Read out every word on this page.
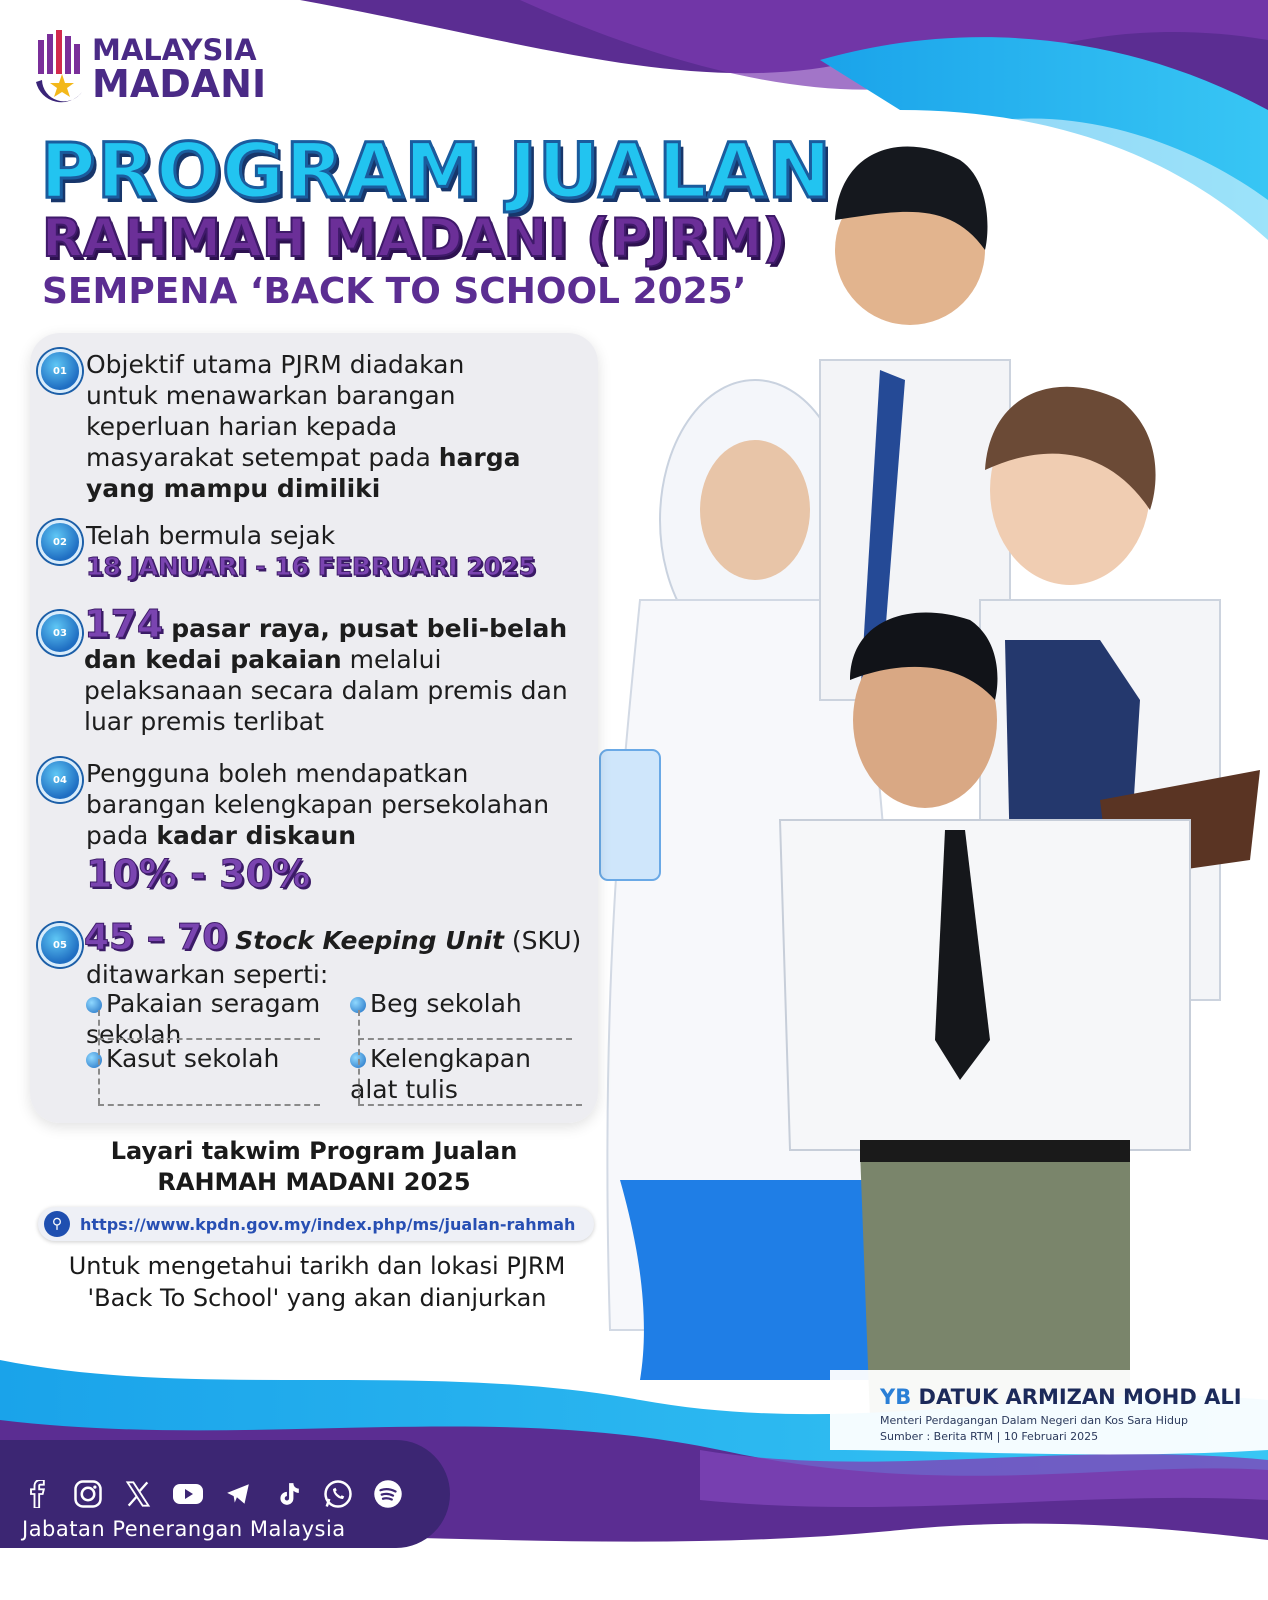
MALAYSIA
MADANI
PROGRAM JUALAN
RAHMAH MADANI (PJRM)
SEMPENA ‘BACK TO SCHOOL 2025’
01 Objektif utama PJRM diadakan untuk menawarkan barangan keperluan harian kepada masyarakat setempat pada harga yang mampu dimiliki
02 Telah bermula sejak
18 JANUARI - 16 FEBRUARI 2025
03 174 pasar raya, pusat beli-belah dan kedai pakaian melalui pelaksanaan secara dalam premis dan luar premis terlibat
04 Pengguna boleh mendapatkan barangan kelengkapan persekolahan pada kadar diskaun
10% - 30%
05 45 – 70 Stock Keeping Unit (SKU)
ditawarkan seperti:
Pakaian seragam sekolah
Beg sekolah
Kasut sekolah	Kelengkapan alat tulis
Layari takwim Program Jualan
RAHMAH MADANI 2025
⚲	https://www.kpdn.gov.my/index.php/ms/jualan-rahmah
Untuk mengetahui tarikh dan lokasi PJRM
'Back To School' yang akan dianjurkan
YB DATUK ARMIZAN MOHD ALI
Menteri Perdagangan Dalam Negeri dan Kos Sara Hidup
Sumber : Berita RTM | 10 Februari 2025
Jabatan Penerangan Malaysia
